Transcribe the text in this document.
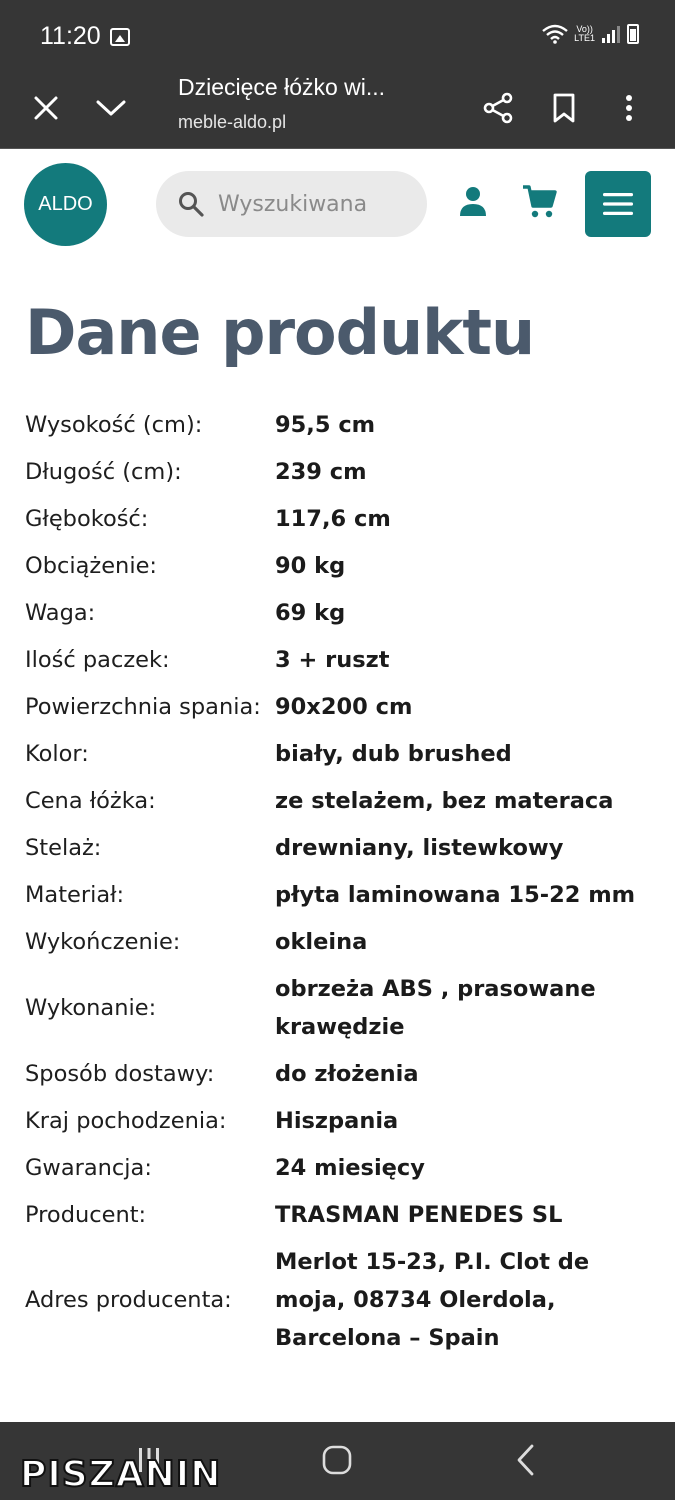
11:20	Vo))
LTE1
Dziecięce łóżko wi...
meble-aldo.pl
ALDO
Wyszukiwana
Dane produktu
Wysokość (cm):	95,5 cm
Długość (cm):	239 cm
Głębokość:	117,6 cm
Obciążenie:	90 kg
Waga:	69 kg
Ilość paczek:	3 + ruszt
Powierzchnia spania:	90x200 cm
Kolor:	biały, dub brushed
Cena łóżka:	ze stelażem, bez materaca
Stelaż:	drewniany, listewkowy
Materiał:	płyta laminowana 15-22 mm
Wykończenie:	okleina
Wykonanie:	obrzeża ABS , prasowane krawędzie
Sposób dostawy:	do złożenia
Kraj pochodzenia:	Hiszpania
Gwarancja:	24 miesięcy
Producent:	TRASMAN PENEDES SL
Adres producenta:	Merlot 15-23, P.I. Clot de moja, 08734 Olerdola, Barcelona – Spain
PISZANIN
